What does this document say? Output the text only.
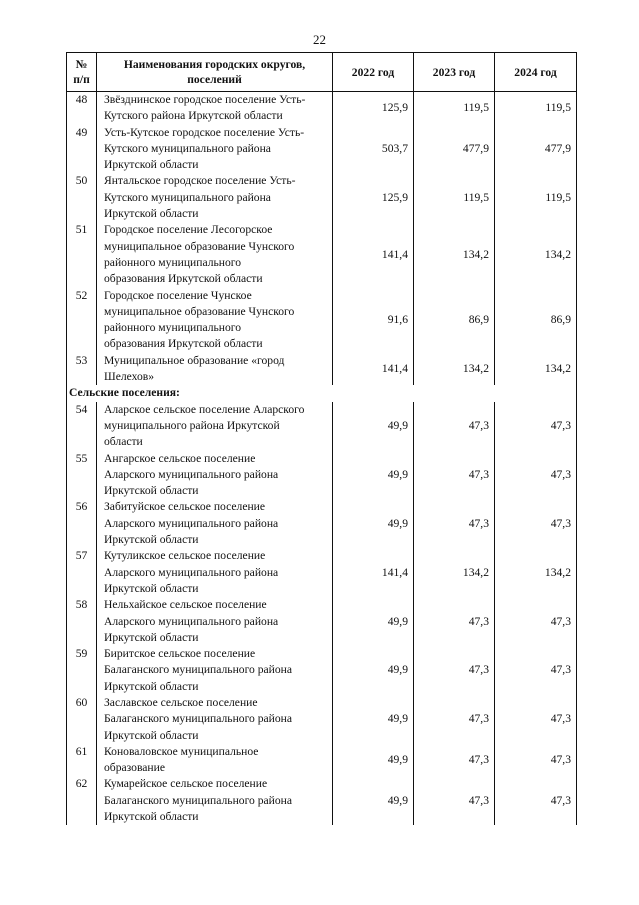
22
№
п/п	Наименования городских округов,
поселений	2022 год	2023 год	2024 год
48	Звёзднинское городское поселение Усть-
Кутского района Иркутской области	125,9	119,5	119,5
49	Усть-Кутское городское поселение Усть-
Кутского муниципального района
Иркутской области	503,7	477,9	477,9
50	Янтальское городское поселение Усть-
Кутского муниципального района
Иркутской области	125,9	119,5	119,5
51	Городское поселение Лесогорское
муниципальное образование Чунского
районного муниципального
образования Иркутской области	141,4	134,2	134,2
52	Городское поселение Чунское
муниципальное образование Чунского
районного муниципального
образования Иркутской области	91,6	86,9	86,9
53	Муниципальное образование «город
Шелехов»	141,4	134,2	134,2
Сельские поселения:				
54	Аларское сельское поселение Аларского
муниципального района Иркутской
области	49,9	47,3	47,3
55	Ангарское сельское поселение
Аларского муниципального района
Иркутской области	49,9	47,3	47,3
56	Забитуйское сельское поселение
Аларского муниципального района
Иркутской области	49,9	47,3	47,3
57	Кутуликское сельское поселение
Аларского муниципального района
Иркутской области	141,4	134,2	134,2
58	Нельхайское сельское поселение
Аларского муниципального района
Иркутской области	49,9	47,3	47,3
59	Биритское сельское поселение
Балаганского муниципального района
Иркутской области	49,9	47,3	47,3
60	Заславское сельское поселение
Балаганского муниципального района
Иркутской области	49,9	47,3	47,3
61	Коноваловское муниципальное
образование	49,9	47,3	47,3
62	Кумарейское сельское поселение
Балаганского муниципального района
Иркутской области	49,9	47,3	47,3
